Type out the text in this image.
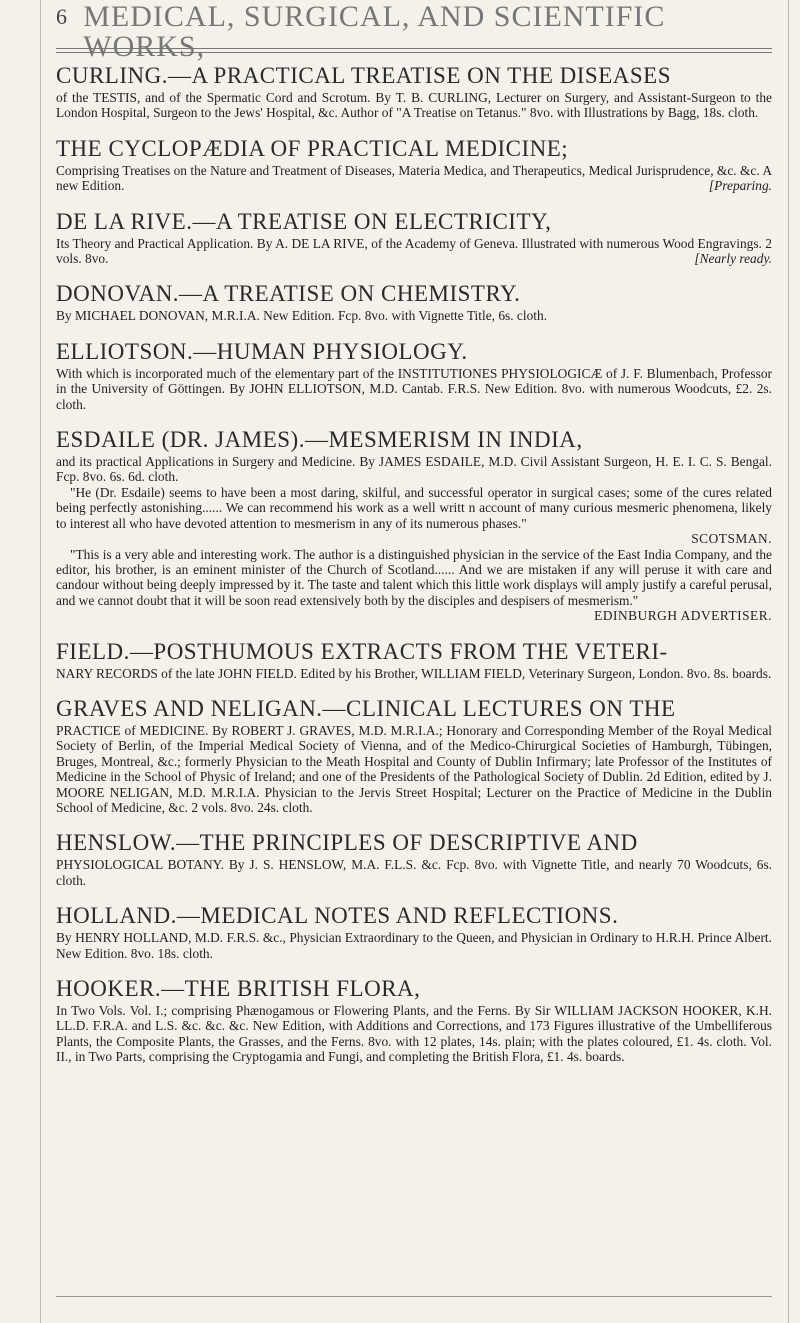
6 MEDICAL, SURGICAL, AND SCIENTIFIC WORKS,
CURLING.—A PRACTICAL TREATISE ON THE DISEASES

of the TESTIS, and of the Spermatic Cord and Scrotum. By T. B. CURLING, Lecturer on Surgery, and Assistant-Surgeon to the London Hospital, Surgeon to the Jews' Hospital, &c. Author of "A Treatise on Tetanus." 8vo. with Illustrations by Bagg, 18s. cloth.

THE CYCLOPÆDIA OF PRACTICAL MEDICINE;

Comprising Treatises on the Nature and Treatment of Diseases, Materia Medica, and Therapeutics, Medical Jurisprudence, &c. &c. A new Edition.	[Preparing.

DE LA RIVE.—A TREATISE ON ELECTRICITY,

Its Theory and Practical Application. By A. DE LA RIVE, of the Academy of Geneva. Illustrated with numerous Wood Engravings. 2 vols. 8vo.	[Nearly ready.

DONOVAN.—A TREATISE ON CHEMISTRY.

By MICHAEL DONOVAN, M.R.I.A. New Edition. Fcp. 8vo. with Vignette Title, 6s. cloth.

ELLIOTSON.—HUMAN PHYSIOLOGY.

With which is incorporated much of the elementary part of the INSTITUTIONES PHYSIOLOGICÆ of J. F. Blumenbach, Professor in the University of Göttingen. By JOHN ELLIOTSON, M.D. Cantab. F.R.S. New Edition. 8vo. with numerous Woodcuts, £2. 2s. cloth.

ESDAILE (DR. JAMES).—MESMERISM IN INDIA,

and its practical Applications in Surgery and Medicine. By JAMES ESDAILE, M.D. Civil Assistant Surgeon, H. E. I. C. S. Bengal. Fcp. 8vo. 6s. 6d. cloth.

"He (Dr. Esdaile) seems to have been a most daring, skilful, and successful operator in surgical cases; some of the cures related being perfectly astonishing...... We can recommend his work as a well writt n account of many curious mesmeric phenomena, likely to interest all who have devoted attention to mesmerism in any of its numerous phases."
SCOTSMAN.

"This is a very able and interesting work. The author is a distinguished physician in the service of the East India Company, and the editor, his brother, is an eminent minister of the Church of Scotland...... And we are mistaken if any will peruse it with care and candour without being deeply impressed by it. The taste and talent which this little work displays will amply justify a careful perusal, and we cannot doubt that it will be soon read extensively both by the disciples and despisers of mesmerism."
EDINBURGH ADVERTISER.

FIELD.—POSTHUMOUS EXTRACTS FROM THE VETERI-

NARY RECORDS of the late JOHN FIELD. Edited by his Brother, WILLIAM FIELD, Veterinary Surgeon, London. 8vo. 8s. boards.

GRAVES AND NELIGAN.—CLINICAL LECTURES ON THE

PRACTICE of MEDICINE. By ROBERT J. GRAVES, M.D. M.R.I.A.; Honorary and Corresponding Member of the Royal Medical Society of Berlin, of the Imperial Medical Society of Vienna, and of the Medico-Chirurgical Societies of Hamburgh, Tübingen, Bruges, Montreal, &c.; formerly Physician to the Meath Hospital and County of Dublin Infirmary; late Professor of the Institutes of Medicine in the School of Physic of Ireland; and one of the Presidents of the Pathological Society of Dublin. 2d Edition, edited by J. MOORE NELIGAN, M.D. M.R.I.A. Physician to the Jervis Street Hospital; Lecturer on the Practice of Medicine in the Dublin School of Medicine, &c. 2 vols. 8vo. 24s. cloth.

HENSLOW.—THE PRINCIPLES OF DESCRIPTIVE AND

PHYSIOLOGICAL BOTANY. By J. S. HENSLOW, M.A. F.L.S. &c. Fcp. 8vo. with Vignette Title, and nearly 70 Woodcuts, 6s. cloth.

HOLLAND.—MEDICAL NOTES AND REFLECTIONS.

By HENRY HOLLAND, M.D. F.R.S. &c., Physician Extraordinary to the Queen, and Physician in Ordinary to H.R.H. Prince Albert. New Edition. 8vo. 18s. cloth.

HOOKER.—THE BRITISH FLORA,

In Two Vols. Vol. I.; comprising Phænogamous or Flowering Plants, and the Ferns. By Sir WILLIAM JACKSON HOOKER, K.H. LL.D. F.R.A. and L.S. &c. &c. &c. New Edition, with Additions and Corrections, and 173 Figures illustrative of the Umbelliferous Plants, the Composite Plants, the Grasses, and the Ferns. 8vo. with 12 plates, 14s. plain; with the plates coloured, £1. 4s. cloth. Vol. II., in Two Parts, comprising the Cryptogamia and Fungi, and completing the British Flora, £1. 4s. boards.
